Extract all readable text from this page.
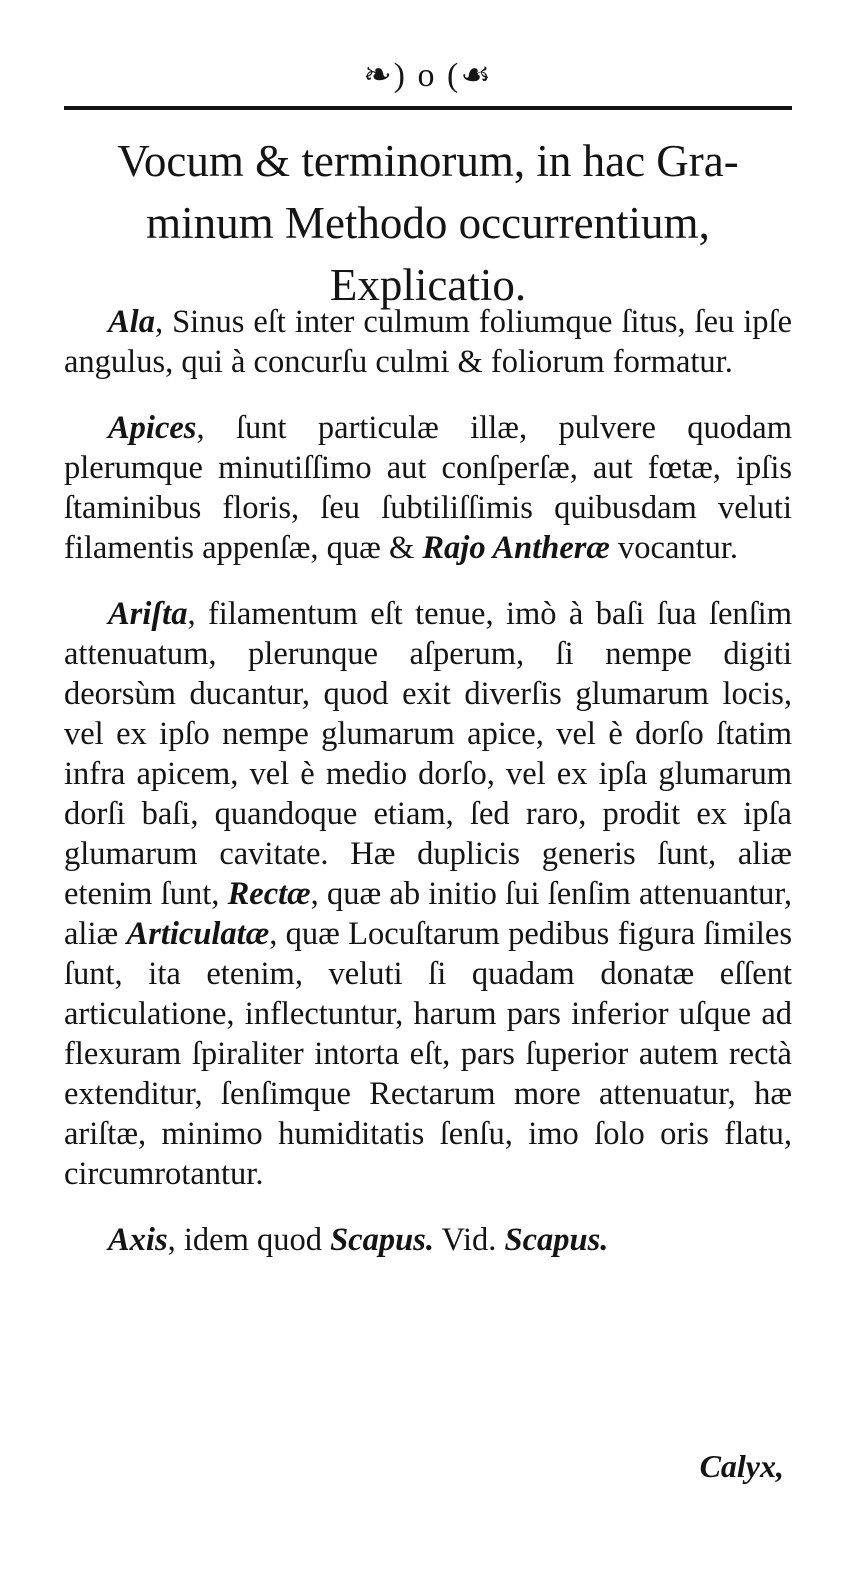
❧) o (☙
Vocum & terminorum, in hac Gra-
minum Methodo occurrentium,
Explicatio.

Ala, Sinus eſt inter culmum foliumque ſitus, ſeu ipſe angulus, qui à concurſu culmi & foliorum formatur.

Apices, ſunt particulæ illæ, pulvere quodam plerumque minutiſſimo aut conſperſæ, aut fœtæ, ipſis ſtaminibus floris, ſeu ſubtiliſſimis quibusdam veluti filamentis appenſæ, quæ & Rajo Antheræ vocantur.

Ariſta, filamentum eſt tenue, imò à baſi ſua ſenſim attenuatum, plerunque aſperum, ſi nempe digiti deorsùm ducantur, quod exit diverſis glumarum locis, vel ex ipſo nempe glumarum apice, vel è dorſo ſtatim infra apicem, vel è medio dorſo, vel ex ipſa glumarum dorſi baſi, quandoque etiam, ſed raro, prodit ex ipſa glumarum cavitate. Hæ duplicis generis ſunt, aliæ etenim ſunt, Rectæ, quæ ab initio ſui ſenſim attenuantur, aliæ Articulatæ, quæ Locuſtarum pedibus figura ſimiles ſunt, ita etenim, veluti ſi quadam donatæ eſſent articulatione, inflectuntur, harum pars inferior uſque ad flexuram ſpiraliter intorta eſt, pars ſuperior autem rectà extenditur, ſenſimque Rectarum more attenuatur, hæ ariſtæ, minimo humiditatis ſenſu, imo ſolo oris flatu, circumrotantur.

Axis, idem quod Scapus. Vid. Scapus.

Calyx,
